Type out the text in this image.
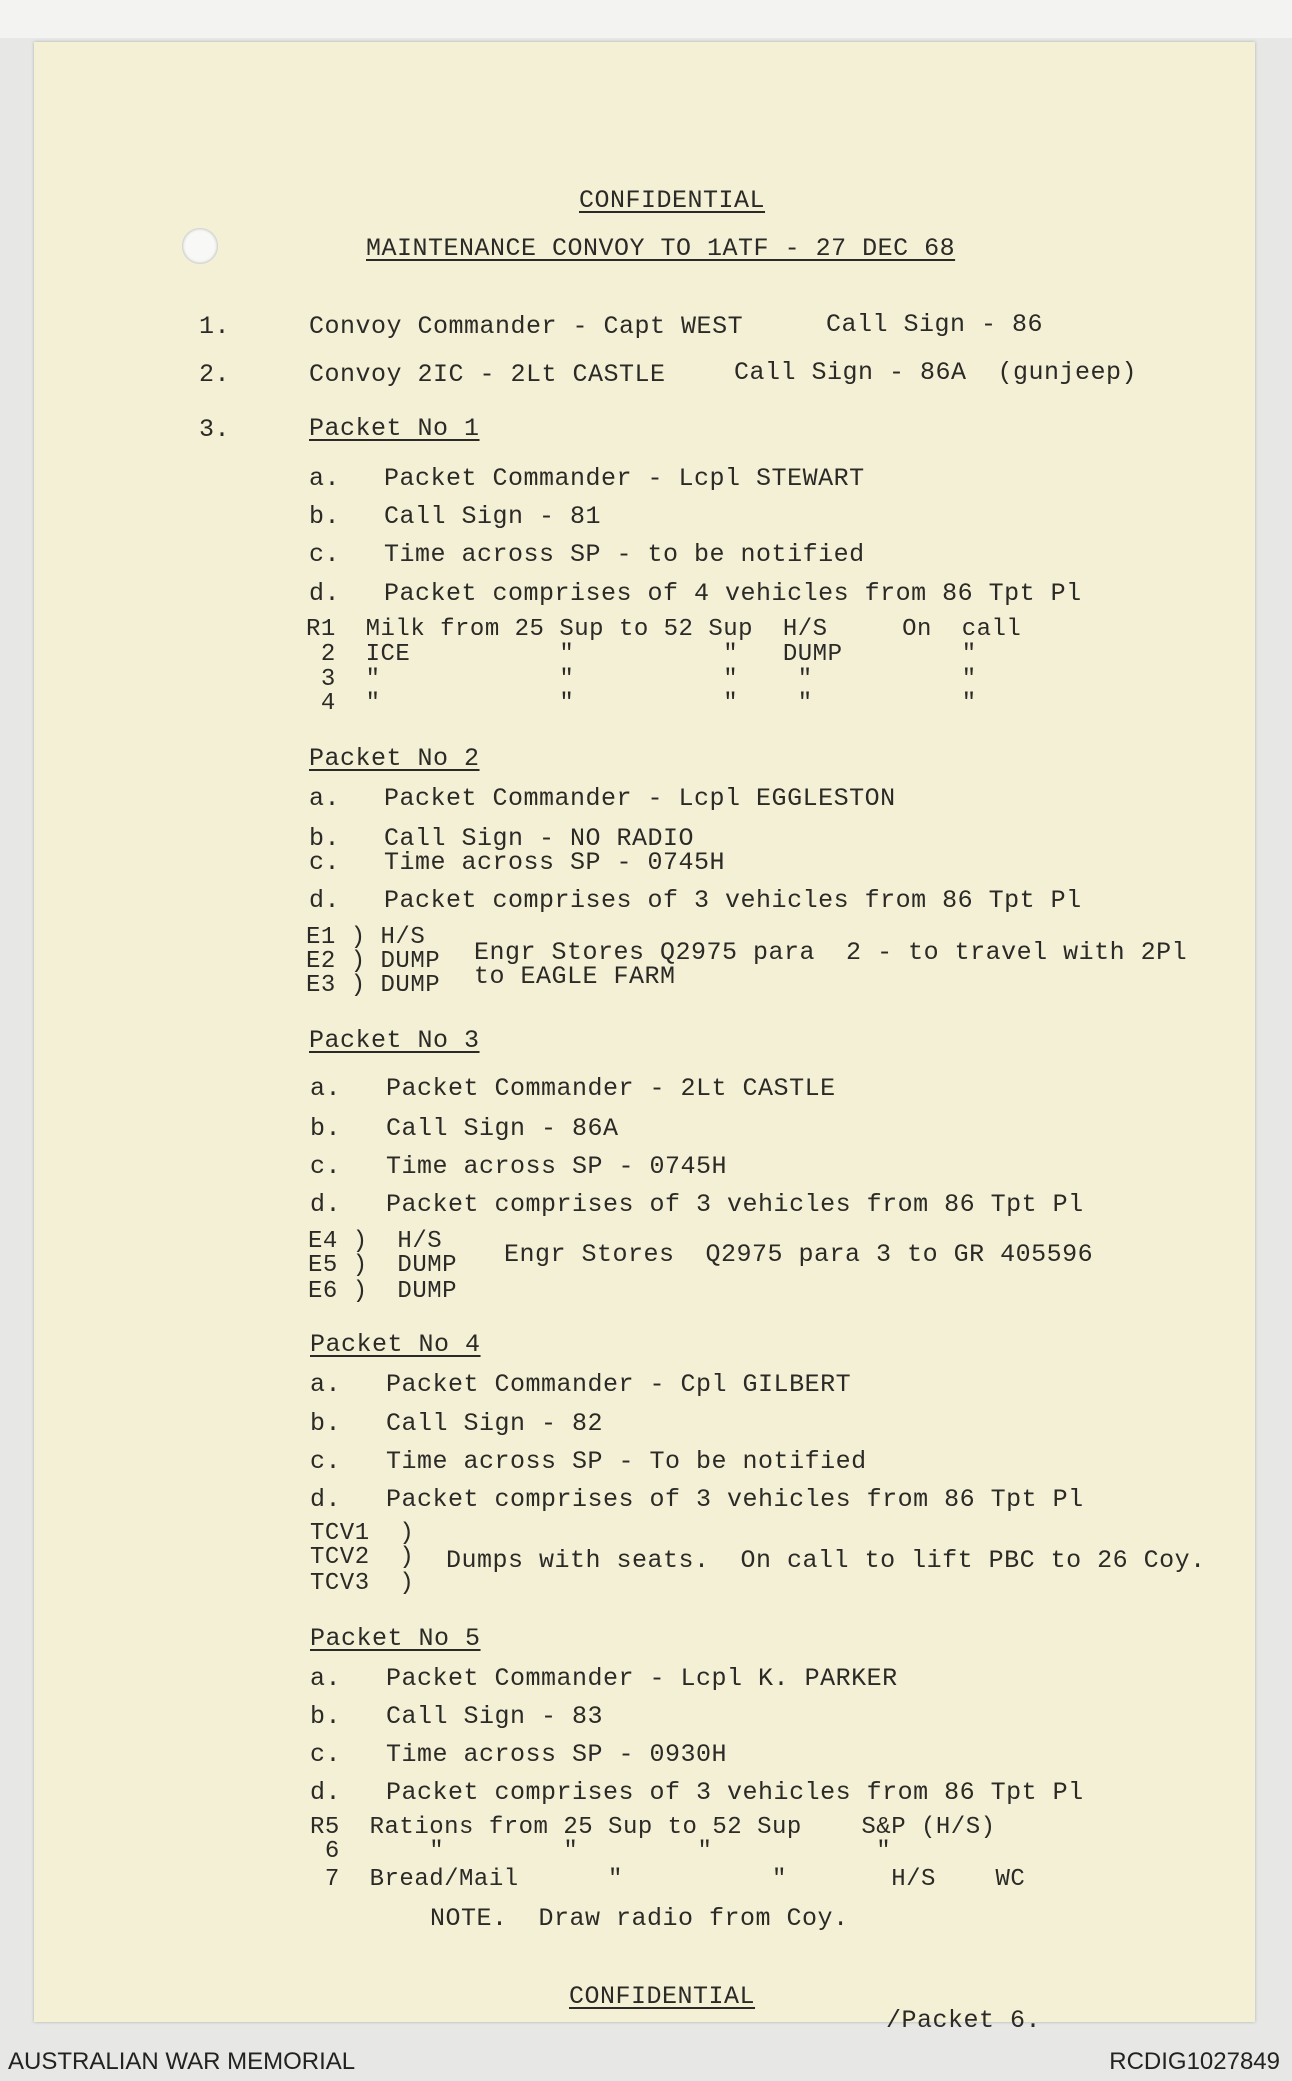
CONFIDENTIAL
MAINTENANCE CONVOY TO 1ATF - 27 DEC 68
1.	Convoy Commander - Capt WEST	Call Sign - 86
2.	Convoy 2IC - 2Lt CASTLE	Call Sign - 86A  (gunjeep)
3.	Packet No 1
a. Packet Commander - Lcpl STEWART
b. Call Sign - 81
c. Time across SP - to be notified
d. Packet comprises of 4 vehicles from 86 Tpt Pl
R1  Milk from 25 Sup to 52 Sup  H/S     On  call
2  ICE          "          "   DUMP        "
3  "            "          "    "          "
4  "            "          "    "          "
Packet No 2
a. Packet Commander - Lcpl EGGLESTON
b. Call Sign - NO RADIO
c. Time across SP - 0745H
d. Packet comprises of 3 vehicles from 86 Tpt Pl
E1 ) H/S
E2 ) DUMP
E3 ) DUMP
Engr Stores Q2975 para  2 - to travel with 2Pl
to EAGLE FARM
Packet No 3
a. Packet Commander - 2Lt CASTLE
b. Call Sign - 86A
c. Time across SP - 0745H
d. Packet comprises of 3 vehicles from 86 Tpt Pl
E4 )  H/S
E5 )  DUMP
E6 )  DUMP
Engr Stores  Q2975 para 3 to GR 405596
Packet No 4
a. Packet Commander - Cpl GILBERT
b. Call Sign - 82
c. Time across SP - To be notified
d. Packet comprises of 3 vehicles from 86 Tpt Pl
TCV1  )
TCV2  )
TCV3  )
Dumps with seats.  On call to lift PBC to 26 Coy.
Packet No 5
a. Packet Commander - Lcpl K. PARKER
b. Call Sign - 83
c. Time across SP - 0930H
d. Packet comprises of 3 vehicles from 86 Tpt Pl
R5  Rations from 25 Sup to 52 Sup    S&P (H/S)
6      "        "        "           "
7  Bread/Mail      "          "       H/S    WC
NOTE.  Draw radio from Coy.
CONFIDENTIAL
/Packet 6.
AUSTRALIAN WAR MEMORIAL	RCDIG1027849
